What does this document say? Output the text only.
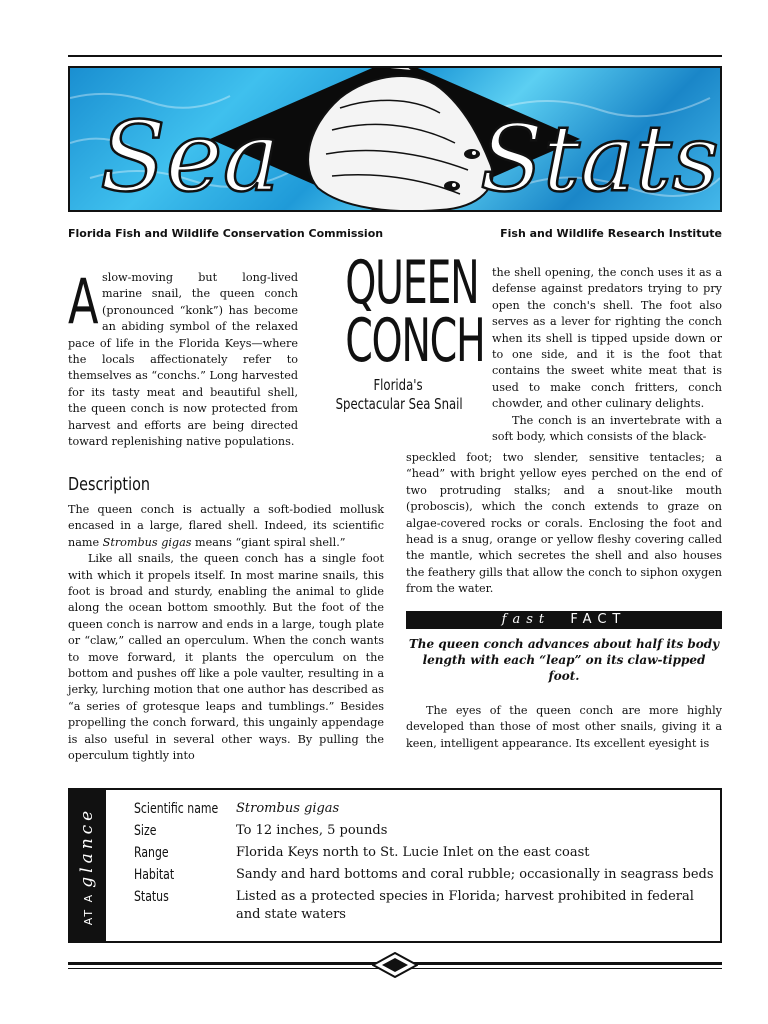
Sea Stats
Florida Fish and Wildlife Conservation Commission	Fish and Wildlife Research Institute
A slow-moving but long-lived marine snail, the queen conch (pronounced “konk”) has become an abiding symbol of the relaxed pace of life in the Florida Keys—where the locals affectionately refer to themselves as “conchs.” Long harvested for its tasty meat and beautiful shell, the queen conch is now protected from harvest and efforts are being directed toward replenishing native populations.

QUEEN
CONCH
Florida's
Spectacular Sea Snail
Description

The queen conch is actually a soft-bodied mollusk encased in a large, flared shell. Indeed, its scientific name Strombus gigas means “giant spiral shell.”

Like all snails, the queen conch has a single foot with which it propels itself. In most marine snails, this foot is broad and sturdy, enabling the animal to glide along the ocean bottom smoothly. But the foot of the queen conch is narrow and ends in a large, tough plate or “claw,” called an operculum. When the conch wants to move forward, it plants the operculum on the bottom and pushes off like a pole vaulter, resulting in a jerky, lurching motion that one author has described as “a series of grotesque leaps and tumblings.” Besides propelling the conch forward, this ungainly appendage is also useful in several other ways. By pulling the operculum tightly into

the shell opening, the conch uses it as a defense against predators trying to pry open the conch's shell. The foot also serves as a lever for righting the conch when its shell is tipped upside down or to one side, and it is the foot that contains the sweet white meat that is used to make conch fritters, conch chowder, and other culinary delights.

The conch is an invertebrate with a soft body, which consists of the black-

speckled foot; two slender, sensitive tentacles; a “head” with bright yellow eyes perched on the end of two protruding stalks; and a snout-like mouth (proboscis), which the conch extends to graze on algae-covered rocks or corals. Enclosing the foot and head is a snug, orange or yellow fleshy covering called the mantle, which secretes the shell and also houses the feathery gills that allow the conch to siphon oxygen from the water.

fast FACT
The queen conch advances about half its body length with each “leap” on its claw-tipped foot.

The eyes of the queen conch are more highly developed than those of most other snails, giving it a keen, intelligent appearance. Its excellent eyesight is

AT A glance	Scientific name Strombus gigas
Size	To 12 inches, 5 pounds
Range	Florida Keys north to St. Lucie Inlet on the east coast
Habitat	Sandy and hard bottoms and coral rubble; occasionally in seagrass beds
Status	Listed as a protected species in Florida; harvest prohibited in federal and state waters
